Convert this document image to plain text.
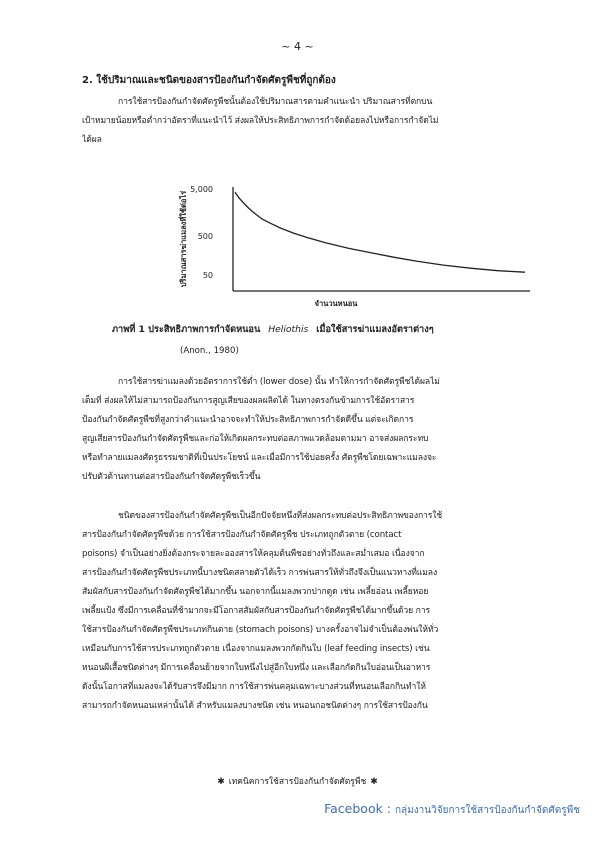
~ 4 ~
2. ใช้ปริมาณและชนิดของสารป้องกันกำจัดศัตรูพืชที่ถูกต้อง
การใช้สารป้องกันกำจัดศัตรูพืชนั้นต้องใช้ปริมาณสารตามคำแนะนำ ปริมาณสารที่ตกบน
เป้าหมายน้อยหรือต่ำกว่าอัตราที่แนะนำไว้ ส่งผลให้ประสิทธิภาพการกำจัดด้อยลงไปหรือการกำจัดไม่
ได้ผล
5,000
500
50
ปริมาณสารฆ่าแมลงที่ใช้ต่อไร่
จำนวนหนอน
ภาพที่ 1 ประสิทธิภาพการกำจัดหนอน Heliothis เมื่อใช้สารฆ่าแมลงอัตราต่างๆ
(Anon., 1980)
การใช้สารฆ่าแมลงด้วยอัตราการใช้ต่ำ (lower dose) นั้น ทำให้การกำจัดศัตรูพืชได้ผลไม่
เต็มที่ ส่งผลให้ไม่สามารถป้องกันการสูญเสียของผลผลิตได้ ในทางตรงกันข้ามการใช้อัตราสาร
ป้องกันกำจัดศัตรูพืชที่สูงกว่าคำแนะนำอาจจะทำให้ประสิทธิภาพการกำจัดดีขึ้น แต่จะเกิดการ
สูญเสียสารป้องกันกำจัดศัตรูพืชและก่อให้เกิดผลกระทบต่อสภาพแวดล้อมตามมา อาจส่งผลกระทบ
หรือทำลายแมลงศัตรูธรรมชาติที่เป็นประโยชน์ และเมื่อมีการใช้บ่อยครั้ง ศัตรูพืชโดยเฉพาะแมลงจะ
ปรับตัวต้านทานต่อสารป้องกันกำจัดศัตรูพืชเร็วขึ้น
ชนิดของสารป้องกันกำจัดศัตรูพืชเป็นอีกปัจจัยหนึ่งที่ส่งผลกระทบต่อประสิทธิภาพของการใช้
สารป้องกันกำจัดศัตรูพืชด้วย การใช้สารป้องกันกำจัดศัตรูพืช ประเภทถูกตัวตาย (contact
poisons) จำเป็นอย่างยิ่งต้องกระจายละอองสารให้คลุมต้นพืชอย่างทั่วถึงและสม่ำเสมอ เนื่องจาก
สารป้องกันกำจัดศัตรูพืชประเภทนี้บางชนิดสลายตัวได้เร็ว การพ่นสารให้ทั่วถึงจึงเป็นแนวทางที่แมลง
สัมผัสกับสารป้องกันกำจัดศัตรูพืชได้มากขึ้น นอกจากนี้แมลงพวกปากดูด เช่น เพลี้ยอ่อน เพลี้ยหอย
เพลี้ยแป้ง ซึ่งมีการเคลื่อนที่ช้ามากจะมีโอกาสสัมผัสกับสารป้องกันกำจัดศัตรูพืชได้มากขึ้นด้วย การ
ใช้สารป้องกันกำจัดศัตรูพืชประเภทกินตาย (stomach poisons) บางครั้งอาจไม่จำเป็นต้องพ่นให้ทั่ว
เหมือนกับการใช้สารประเภทถูกตัวตาย เนื่องจากแมลงพวกกัดกินใบ (leaf feeding insects) เช่น
หนอนผีเสื้อชนิดต่างๆ มีการเคลื่อนย้ายจากใบหนึ่งไปสู่อีกใบหนึ่ง และเลือกกัดกินใบอ่อนเป็นอาหาร
ดังนั้นโอกาสที่แมลงจะได้รับสารจึงมีมาก การใช้สารพ่นคลุมเฉพาะบางส่วนที่หนอนเลือกกินทำให้
สามารถกำจัดหนอนเหล่านั้นได้ สำหรับแมลงบางชนิด เช่น หนอนกอชนิดต่างๆ การใช้สารป้องกัน
✱ เทคนิคการใช้สารป้องกันกำจัดศัตรูพืช ✱
Facebook : กลุ่มงานวิจัยการใช้สารป้องกันกำจัดศัตรูพืช
